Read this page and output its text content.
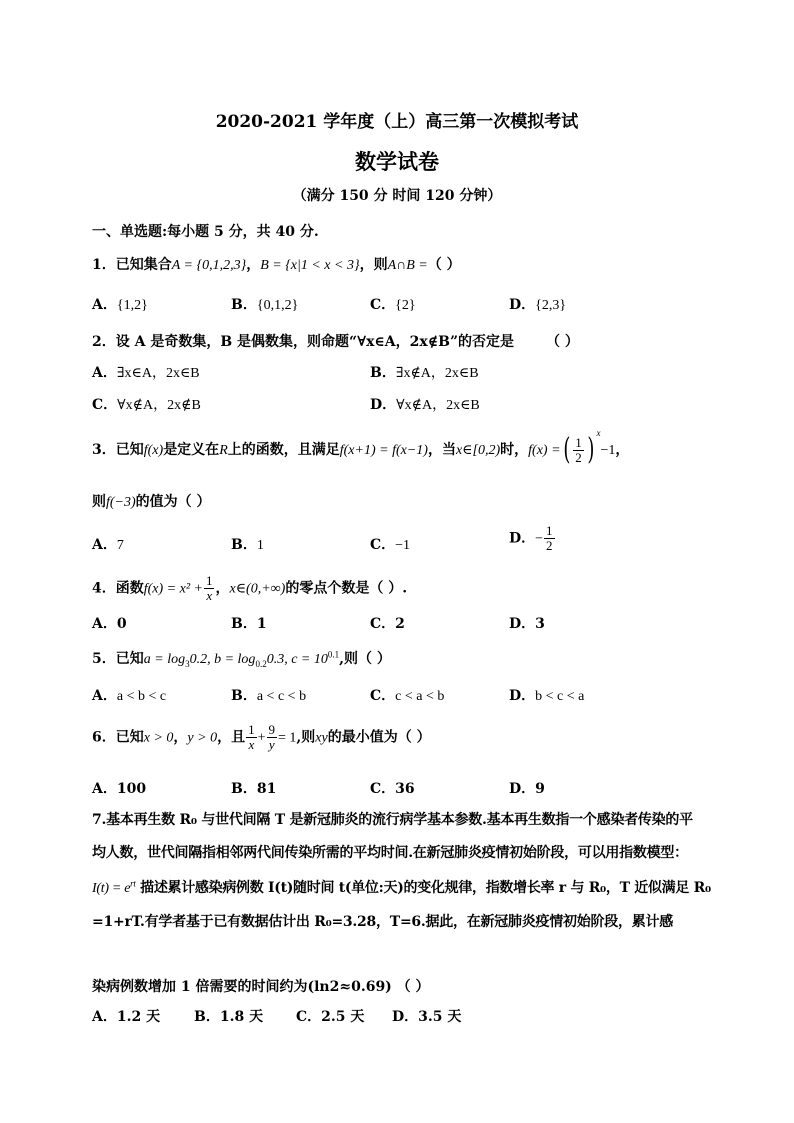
2020-2021 学年度（上）高三第一次模拟考试
数学试卷
（满分 150 分 时间 120 分钟）
一、单选题:每小题 5 分，共 40 分.
1．已知集合A = {0,1,2,3}，B = {x|1 < x < 3}，则A∩B =（ ）
A．{1,2}	B．{0,1,2}	C．{2}	D．{2,3}
2．设 A 是奇数集，B 是偶数集，则命题“∀x∈A，2x∉B”的否定是 （ ）
A．∃x∈A，2x∈B	B．∃x∉A，2x∈B
C．∀x∉A，2x∉B	D．∀x∉A，2x∈B
3．已知f(x)是定义在R上的函数，且满足f(x+1) = f(x−1)，当x∈[0,2)时，f(x) =( $\frac{1}{2}$ ) $^x$−1，
则f(−3)的值为（ ）
A．7	B．1	C．−1	D．− $\frac{1}{2}$
4．函数$f(x) = x^2 + \frac{1}{x}$ ，x∈(0,+∞)的零点个数是（ ）.
A．0	B．1	C．2	D．3
5．已知$a = \log_30.2$, $b = \log_{0.2}0.3$, $c = 10^{0.1}$,则（ ）
A．a < b < c	B．a < c < b	C．c < a < b	D．b < c < a
6．已知x > 0，y > 0，且 $\frac{1}{x} + \frac{9}{y} = 1$,则xy的最小值为（ ）
A．100	B．81	C．36	D．9
7.基本再生数 R₀ 与世代间隔 T 是新冠肺炎的流行病学基本参数.基本再生数指一个感染者传染的平
均人数，世代间隔指相邻两代间传染所需的平均时间.在新冠肺炎疫情初始阶段，可以用指数模型：
$I(t) = e^{rt}$ 描述累计感染病例数 I(t)随时间 t(单位:天)的变化规律，指数增长率 r 与 R₀，T 近似满足 R₀
=1+rT.有学者基于已有数据估计出 R₀=3.28，T=6.据此，在新冠肺炎疫情初始阶段，累计感
染病例数增加 1 倍需要的时间约为(ln2≈0.69) （ ）
A．1.2 天 B．1.8 天 C．2.5 天 D．3.5 天
